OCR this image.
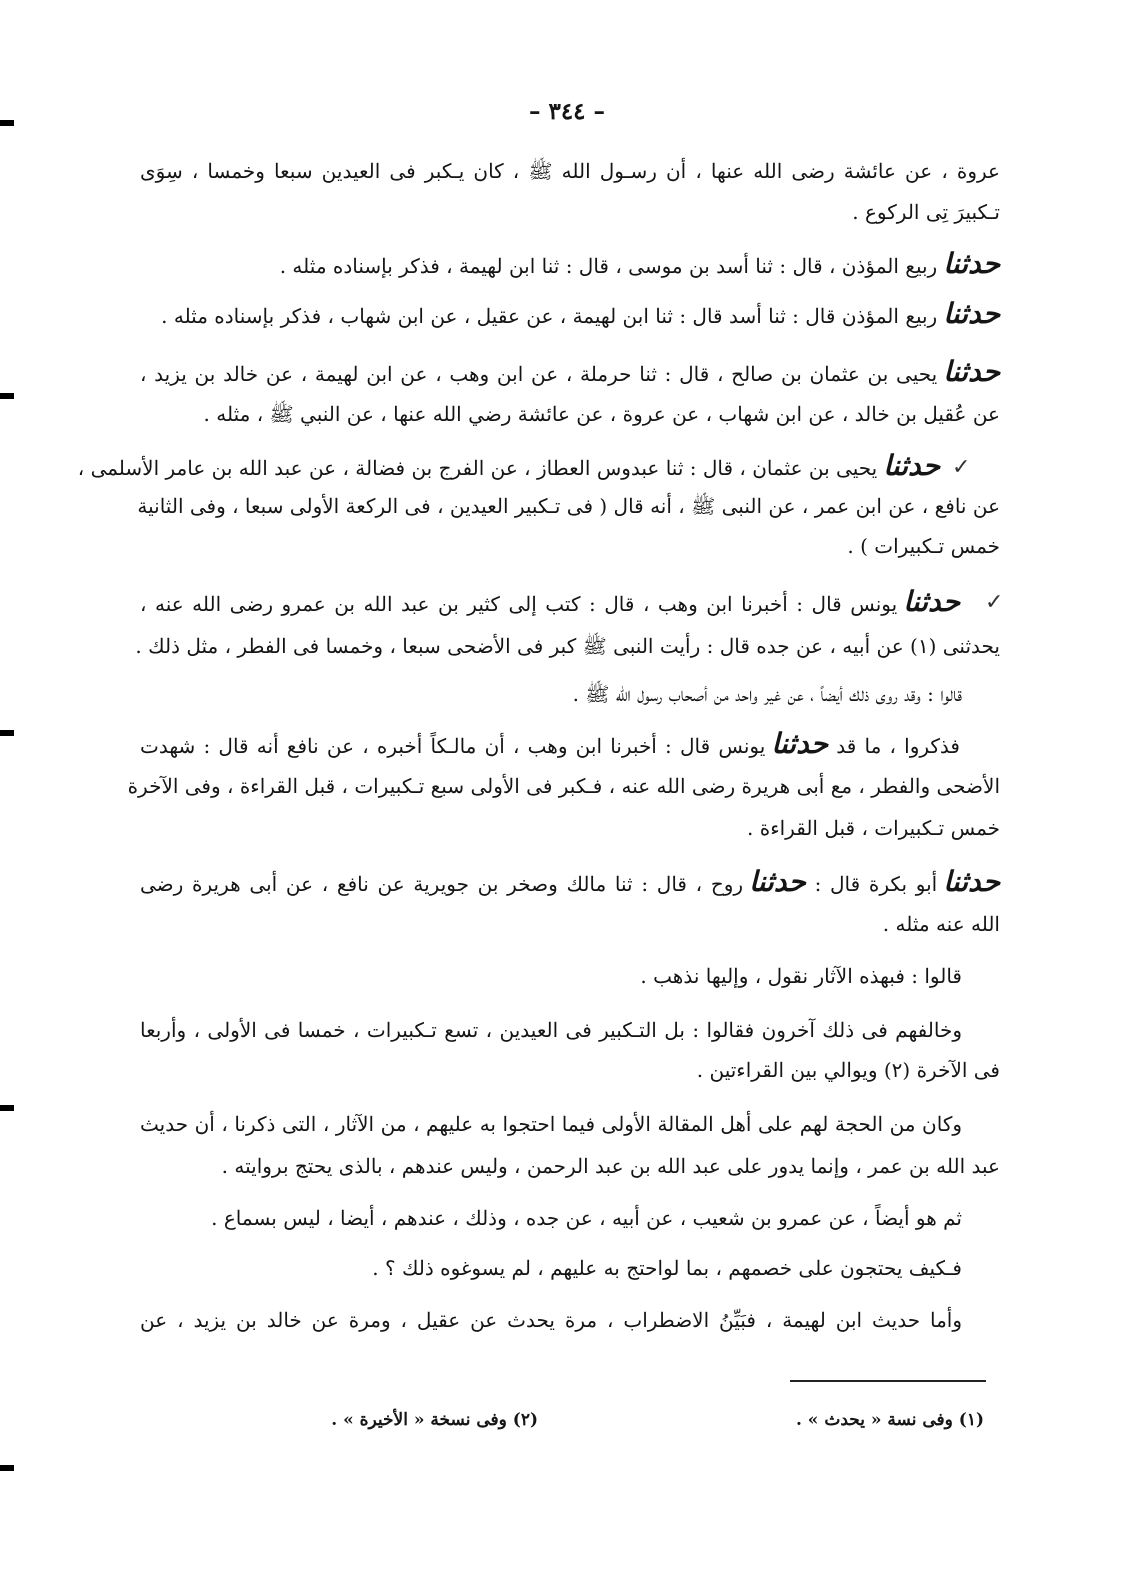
– ٣٤٤ –
✓
✓
عروة ، عن عائشة رضى الله عنها ، أن رسـول الله ﷺ ، كان يـكبر فى العيدين سبعا وخمسا ، سِوَى
تـكبيرَ تِى الركوع .
حدثناربيع المؤذن ، قال : ثنا أسد بن موسى ، قال : ثنا ابن لهيمة ، فذكر بإسناده مثله .
حدثناربيع المؤذن قال : ثنا أسد قال : ثنا ابن لهيمة ، عن عقيل ، عن ابن شهاب ، فذكر بإسناده مثله .
حدثنايحيى بن عثمان بن صالح ، قال : ثنا حرملة ، عن ابن وهب ، عن ابن لهيمة ، عن خالد بن يزيد ،
عن عُقيل بن خالد ، عن ابن شهاب ، عن عروة ، عن عائشة رضي الله عنها ، عن النبي ﷺ ، مثله .
حدثنايحيى بن عثمان ، قال : ثنا عبدوس العطاز ، عن الفرج بن فضالة ، عن عبد الله بن عامر الأسلمى ،
عن نافع ، عن ابن عمر ، عن النبى ﷺ ، أنه قال ( فى تـكبير العيدين ، فى الركعة الأولى سبعا ، وفى الثانية
خمس تـكبيرات ) .
حدثنايونس قال : أخبرنا ابن وهب ، قال : كتب إلى كثير بن عبد الله بن عمرو رضى الله عنه ،
يحدثنى (١) عن أبيه ، عن جده قال : رأيت النبى ﷺ كبر فى الأضحى سبعا ، وخمسا فى الفطر ، مثل ذلك .
قالوا : وقد روى ذلك أيضاً ، عن غير واحد من أصحاب رسول الله ﷺ .
فذكروا ، ما قد حدثنايونس قال : أخبرنا ابن وهب ، أن مالـكاً أخبره ، عن نافع أنه قال : شهدت
الأضحى والفطر ، مع أبى هريرة رضى الله عنه ، فـكبر فى الأولى سبع تـكبيرات ، قبل القراءة ، وفى الآخرة
خمس تـكبيرات ، قبل القراءة .
حدثناأبو بكرة قال : حدثناروح ، قال : ثنا مالك وصخر بن جويرية عن نافع ، عن أبى هريرة رضى
الله عنه مثله .
قالوا : فبهذه الآثار نقول ، وإليها نذهب .
وخالفهم فى ذلك آخرون فقالوا : بل التـكبير فى العيدين ، تسع تـكبيرات ، خمسا فى الأولى ، وأربعا
فى الآخرة (٢) ويوالي بين القراءتين .
وكان من الحجة لهم على أهل المقالة الأولى فيما احتجوا به عليهم ، من الآثار ، التى ذكرنا ، أن حديث
عبد الله بن عمر ، وإنما يدور على عبد الله بن عبد الرحمن ، وليس عندهم ، بالذى يحتج بروايته .
ثم هو أيضاً ، عن عمرو بن شعيب ، عن أبيه ، عن جده ، وذلك ، عندهم ، أيضا ، ليس بسماع .
فـكيف يحتجون على خصمهم ، بما لواحتج به عليهم ، لم يسوغوه ذلك ؟ .
وأما حديث ابن لهيمة ، فبَيِّنُ الاضطراب ، مرة يحدث عن عقيل ، ومرة عن خالد بن يزيد ، عن
(١) وفى نسة « يحدث » .
(٢) وفى نسخة « الأخيرة » .
